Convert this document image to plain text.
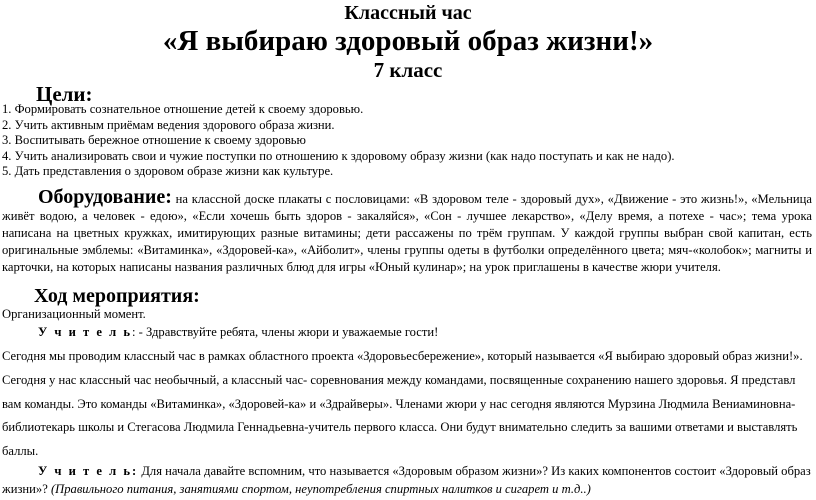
Классный час
«Я выбираю здоровый образ жизни!»
7 класс
Цели:
1. Формировать сознательное отношение детей к своему здоровью.
2. Учить активным приёмам ведения здорового образа жизни.
3. Воспитывать бережное отношение к своему здоровью
4. Учить анализировать свои и чужие поступки по отношению к здоровому образу жизни (как надо поступать и как не надо).
5. Дать представления о здоровом образе жизни как культуре.
Оборудование: на классной доске плакаты с пословицами: «В здоровом теле - здоровый дух», «Движение - это жизнь!», «Мельница живёт водою, а человек - едою», «Если хочешь быть здоров - закаляйся», «Сон - лучшее лекарство», «Делу время, а потехе - час»; тема урока написана на цветных кружках, имитирующих разные витамины; дети рассажены по трём группам. У каждой группы выбран свой капитан, есть оригинальные эмблемы: «Витаминка», «Здоровей-ка», «Айболит», члены группы одеты в футболки определённого цвета; мяч-«колобок»; магниты и карточки, на которых написаны названия различных блюд для игры «Юный кулинар»; на урок приглашены в качестве жюри учителя.
Ход мероприятия:
Организационный момент.
У ч и т е л ь: - Здравствуйте ребята, члены жюри и уважаемые гости!
Сегодня мы проводим классный час в рамках областного проекта «Здоровьесбережение», который называется «Я выбираю здоровый образ жизни!».
Сегодня у нас классный час необычный, а классный час- соревнования между командами, посвященные сохранению нашего здоровья. Я представл
вам команды. Это команды «Витаминка», «Здоровей-ка» и «Здрайверы». Членами жюри у нас сегодня являются Мурзина Людмила Вениаминовна-
библиотекарь школы и Стегасова Людмила Геннадьевна-учитель первого класса. Они будут внимательно следить за вашими ответами и выставлять
баллы.
У ч и т е л ь: Для начала давайте вспомним, что называется «Здоровым образом жизни»? Из каких компонентов состоит «Здоровый образ
жизни»? (Правильного питания, занятиями спортом, неупотребления спиртных налитков и сигарет и т.д..)
